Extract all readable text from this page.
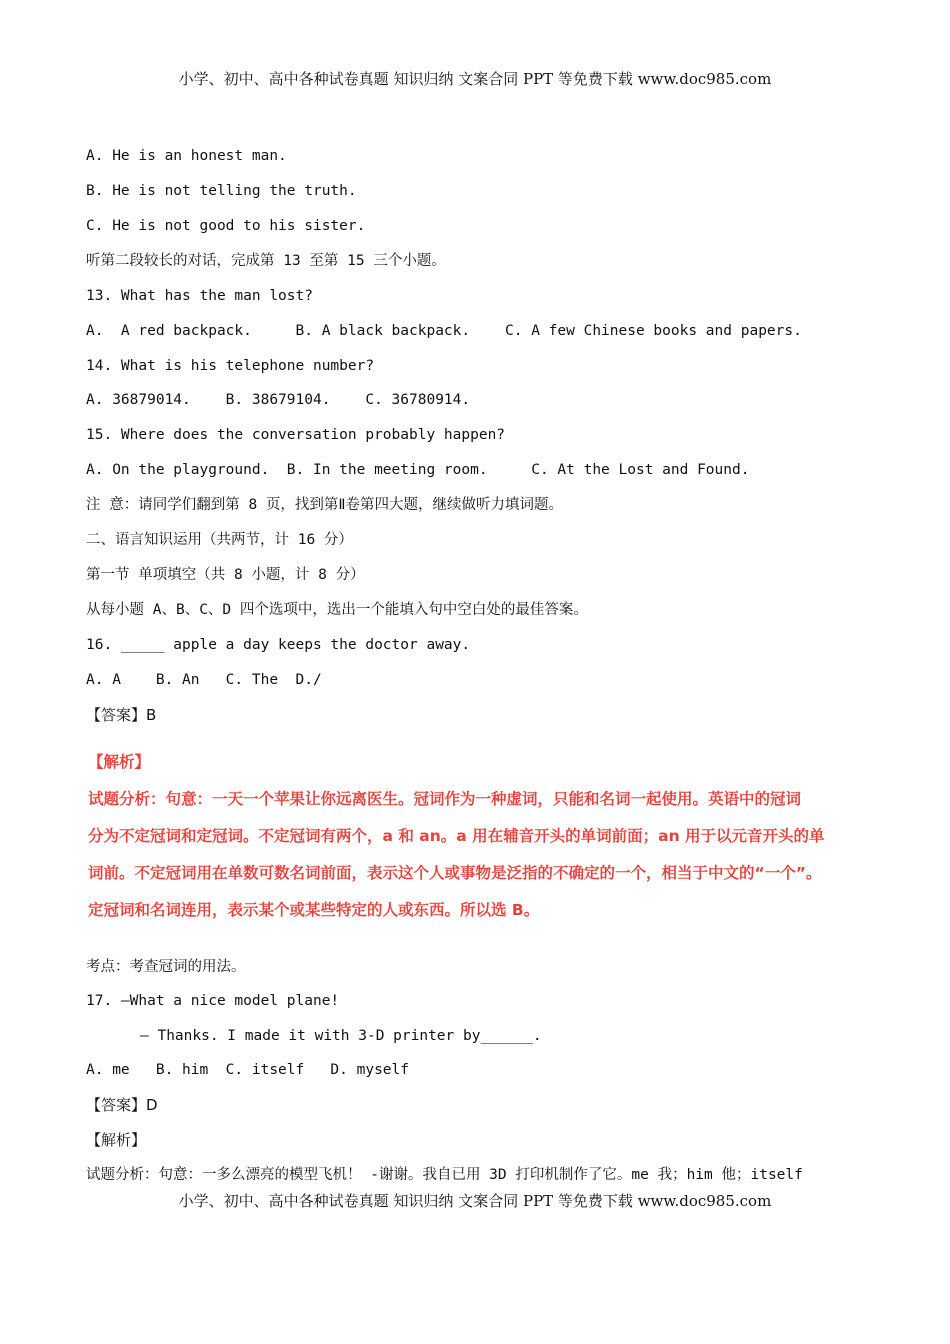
小学、初中、高中各种试卷真题 知识归纳 文案合同 PPT 等免费下载 www.doc985.com
A. He is an honest man.
B. He is not telling the truth.
C. He is not good to his sister.
听第二段较长的对话，完成第 13 至第 15 三个小题。
13. What has the man lost?
A.  A red backpack.     B. A black backpack.    C. A few Chinese books and papers.
14. What is his telephone number?
A. 36879014.    B. 38679104.    C. 36780914.
15. Where does the conversation probably happen?
A. On the playground.  B. In the meeting room.     C. At the Lost and Found.
注 意：请同学们翻到第 8 页，找到第Ⅱ卷第四大题，继续做听力填词题。
二、语言知识运用（共两节，计 16 分）
第一节 单项填空（共 8 小题，计 8 分）
从每小题 A、B、C、D 四个选项中，选出一个能填入句中空白处的最佳答案。
16. _____ apple a day keeps the doctor away.
A. A    B. An   C. The  D./
【答案】B

【解析】

试题分析：句意：一天一个苹果让你远离医生。冠词作为一种虚词，只能和名词一起使用。英语中的冠词

分为不定冠词和定冠词。不定冠词有两个，a 和 an。a 用在辅音开头的单词前面；an 用于以元音开头的单

词前。不定冠词用在单数可数名词前面，表示这个人或事物是泛指的不确定的一个，相当于中文的“一个”。

定冠词和名词连用，表示某个或某些特定的人或东西。所以选 B。

考点：考查冠词的用法。
17. —What a nice model plane!
— Thanks. I made it with 3-D printer by______.
A. me   B. him  C. itself   D. myself
【答案】D
【解析】
试题分析：句意：一多么漂亮的模型飞机！ -谢谢。我自已用 3D 打印机制作了它。me 我；him 他；itself
小学、初中、高中各种试卷真题 知识归纳 文案合同 PPT 等免费下载 www.doc985.com
